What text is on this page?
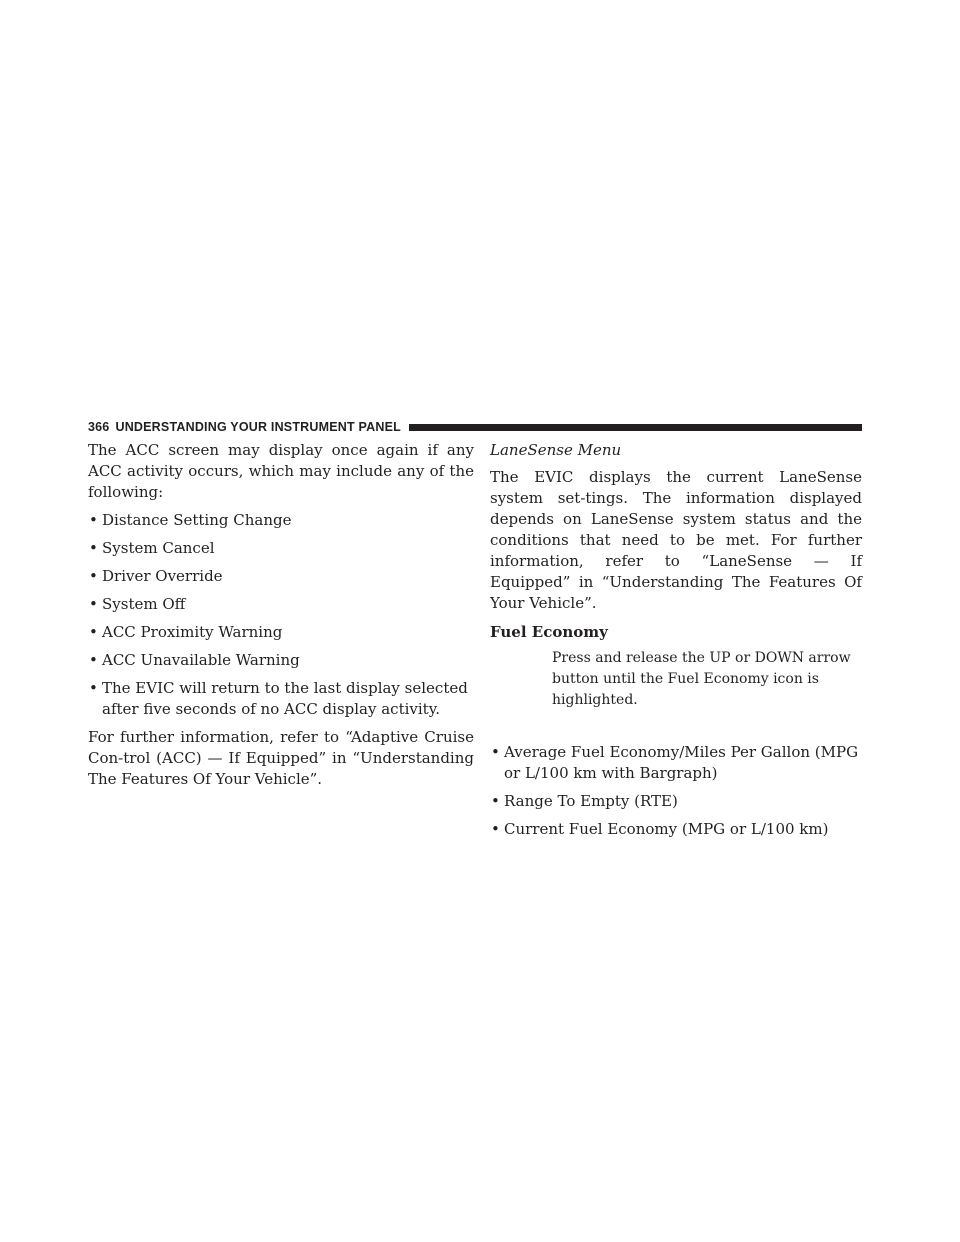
366 UNDERSTANDING YOUR INSTRUMENT PANEL

The ACC screen may display once again if any ACC activity occurs, which may include any of the following:

• Distance Setting Change
• System Cancel
• Driver Override
• System Off
• ACC Proximity Warning
• ACC Unavailable Warning
• The EVIC will return to the last display selected after five seconds of no ACC display activity.

For further information, refer to “Adaptive Cruise Con-trol (ACC) — If Equipped” in “Understanding The Features Of Your Vehicle”.

LaneSense Menu

The EVIC displays the current LaneSense system set-tings. The information displayed depends on LaneSense system status and the conditions that need to be met. For further information, refer to “LaneSense — If Equipped” in “Understanding The Features Of Your Vehicle”.

Fuel Economy

Press and release the UP or DOWN arrow button until the Fuel Economy icon is highlighted.

• Average Fuel Economy/Miles Per Gallon (MPG or L/100 km with Bargraph)
• Range To Empty (RTE)
• Current Fuel Economy (MPG or L/100 km)
